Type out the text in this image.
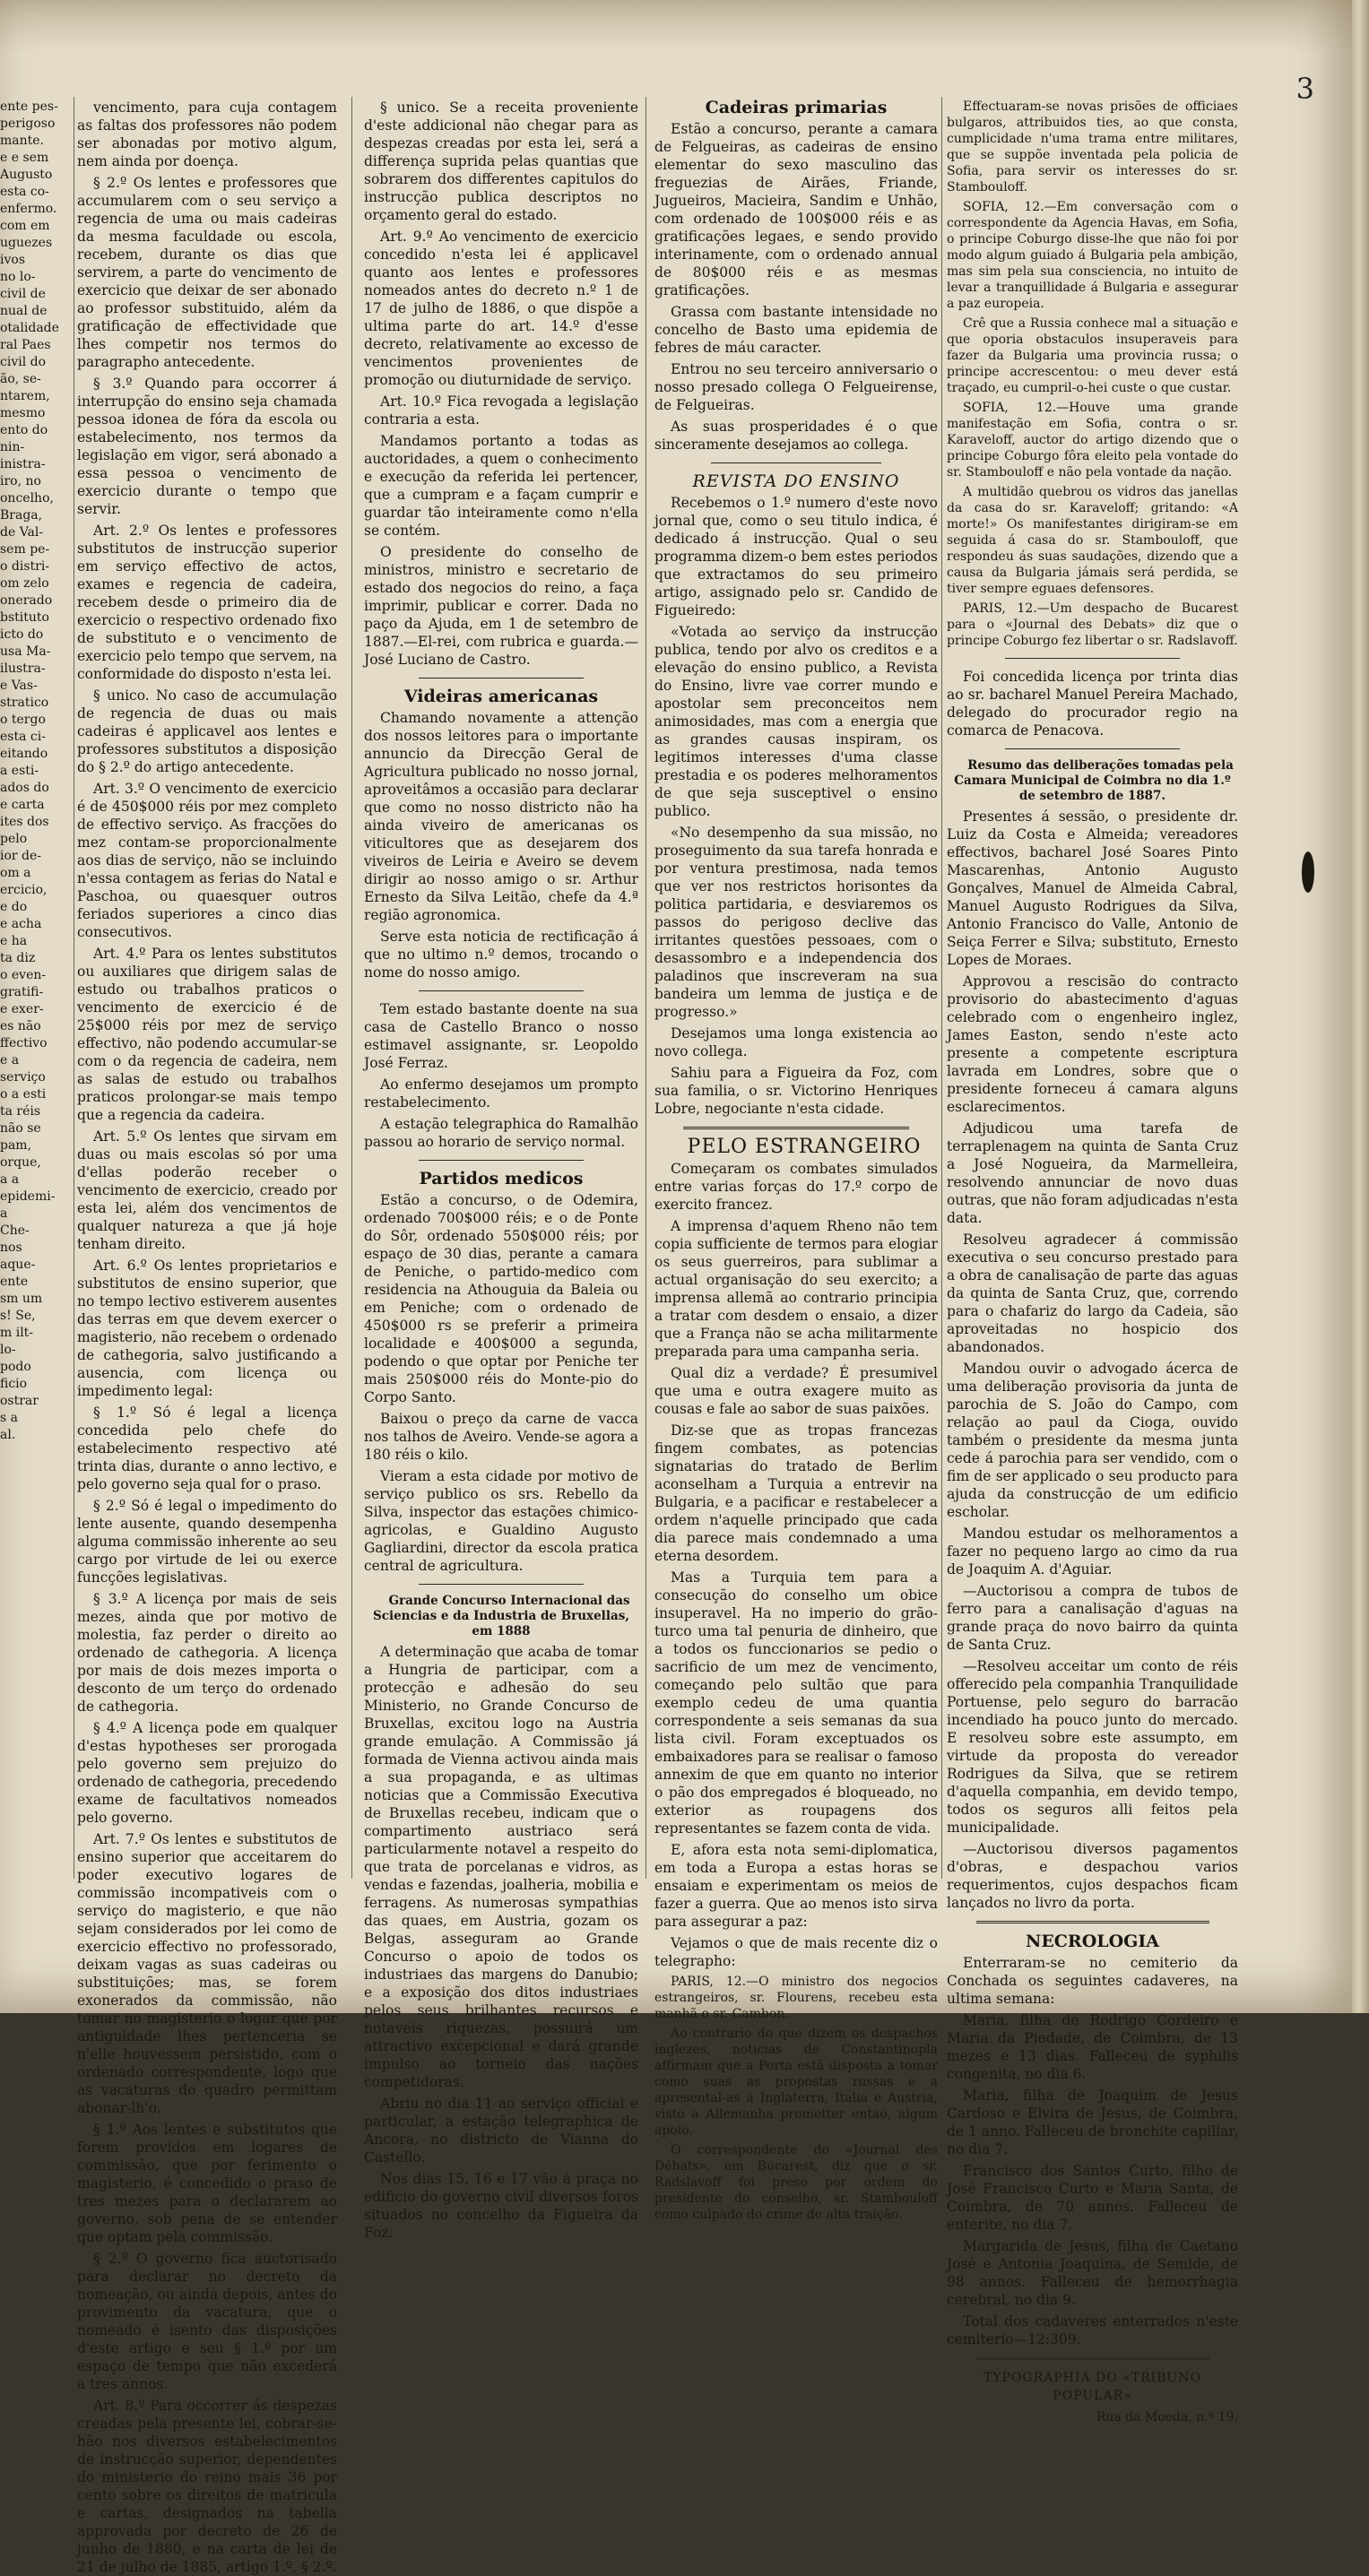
3

ente pes-

perigoso

mante.

e e sem

Augusto

esta co-

enfermo.

com em

uguezes

ivos

no lo-

civil de

nual de

otalidade

ral Paes

civil do

ão, se-

ntarem,

mesmo

ento do

nin-

inistra-

iro, no

oncelho,

Braga,

de Val-

sem pe-

o distri-

om zelo

onerado

bstituto

icto do

usa Ma-

ilustra-

e Vas-

stratico

o tergo

esta ci-

eitando

a esti-

ados do

e carta

ites dos

pelo

ior de-

om a

ercicio,

e do

e acha

e ha

ta diz

o even-

gratifi-

e exer-

es não

ffectivo

e a

serviço

o a esti

ta réis

não se

pam,

orque,

a a

epidemi-

a

Che-

nos

aque-

ente

sm um

s! Se,

m ilt-

lo-

podo

ficio

ostrar

s a

al.

vencimento, para cuja contagem as faltas dos professores não podem ser abonadas por motivo algum, nem ainda por doença.

§ 2.º Os lentes e professores que accumularem com o seu serviço a regencia de uma ou mais cadeiras da mesma faculdade ou escola, recebem, durante os dias que servirem, a parte do vencimento de exercicio que deixar de ser abonado ao professor substituido, além da gratificação de effectividade que lhes competir nos termos do paragrapho antecedente.

§ 3.º Quando para occorrer á interrupção do ensino seja chamada pessoa idonea de fóra da escola ou estabelecimento, nos termos da legislação em vigor, será abonado a essa pessoa o vencimento de exercicio durante o tempo que servir.

Art. 2.º Os lentes e professores substitutos de instrucção superior em serviço effectivo de actos, exames e regencia de cadeira, recebem desde o primeiro dia de exercicio o respectivo ordenado fixo de substituto e o vencimento de exercicio pelo tempo que servem, na conformidade do disposto n'esta lei.

§ unico. No caso de accumulação de regencia de duas ou mais cadeiras é applicavel aos lentes e professores substitutos a disposição do § 2.º do artigo antecedente.

Art. 3.º O vencimento de exercicio é de 450$000 réis por mez completo de effectivo serviço. As fracções do mez contam-se proporcionalmente aos dias de serviço, não se incluindo n'essa contagem as ferias do Natal e Paschoa, ou quaesquer outros feriados superiores a cinco dias consecutivos.

Art. 4.º Para os lentes substitutos ou auxiliares que dirigem salas de estudo ou trabalhos praticos o vencimento de exercicio é de 25$000 réis por mez de serviço effectivo, não podendo accumular-se com o da regencia de cadeira, nem as salas de estudo ou trabalhos praticos prolongar-se mais tempo que a regencia da cadeira.

Art. 5.º Os lentes que sirvam em duas ou mais escolas só por uma d'ellas poderão receber o vencimento de exercicio, creado por esta lei, além dos vencimentos de qualquer natureza a que já hoje tenham direito.

Art. 6.º Os lentes proprietarios e substitutos de ensino superior, que no tempo lectivo estiverem ausentes das terras em que devem exercer o magisterio, não recebem o ordenado de cathegoria, salvo justificando a ausencia, com licença ou impedimento legal:

§ 1.º Só é legal a licença concedida pelo chefe do estabelecimento respectivo até trinta dias, durante o anno lectivo, e pelo governo seja qual for o praso.

§ 2.º Só é legal o impedimento do lente ausente, quando desempenha alguma commissão inherente ao seu cargo por virtude de lei ou exerce funcções legislativas.

§ 3.º A licença por mais de seis mezes, ainda que por motivo de molestia, faz perder o direito ao ordenado de cathegoria. A licença por mais de dois mezes importa o desconto de um terço do ordenado de cathegoria.

§ 4.º A licença pode em qualquer d'estas hypotheses ser prorogada pelo governo sem prejuizo do ordenado de cathegoria, precedendo exame de facultativos nomeados pelo governo.

Art. 7.º Os lentes e substitutos de ensino superior que acceitarem do poder executivo logares de commissão incompativeis com o serviço do magisterio, e que não sejam considerados por lei como de exercicio effectivo no professorado, deixam vagas as suas cadeiras ou substituições; mas, se forem exonerados da commissão, não tomar no magisterio o logar que por antiguidade lhes pertenceria se n'elle houvessem persistido, com o ordenado correspondente, logo que as vacaturas do quadro permittam abonar-lh'o.

§ 1.º Aos lentes e substitutos que forem providos em logares de commissão, que por ferimento o magisterio, é concedido o praso de tres mezes para o declararem ao governo, sob pena de se entender que optam pela commissão.

§ 2.º O governo fica auctorisado para declarar no decreto da nomeação, ou ainda depois, antes do provimento da vacatura, que o nomeado é isento das disposições d'este artigo e seu § 1.º por um espaço de tempo que não excederá a tres annos.

Art. 8.º Para occorrer ás despezas creadas pela presente lei, cobrar-se-hão nos diversos estabelecimentos de instrucção superior, dependentes do ministerio do reino mais 36 por cento sobre os direitos de matricula e cartas, designados na tabella approvada por decreto de 26 de junho de 1880, e na carta de lei de 21 de julho de 1885, artigo 1.º, § 2.º.

§ unico. Se a receita proveniente d'este addicional não chegar para as despezas creadas por esta lei, será a differença suprida pelas quantias que sobrarem dos differentes capitulos do instrucção publica descriptos no orçamento geral do estado.

Art. 9.º Ao vencimento de exercicio concedido n'esta lei é applicavel quanto aos lentes e professores nomeados antes do decreto n.º 1 de 17 de julho de 1886, o que dispõe a ultima parte do art. 14.º d'esse decreto, relativamente ao excesso de vencimentos provenientes de promoção ou diuturnidade de serviço.

Art. 10.º Fica revogada a legislação contraria a esta.

Mandamos portanto a todas as auctoridades, a quem o conhecimento e execução da referida lei pertencer, que a cumpram e a façam cumprir e guardar tão inteiramente como n'ella se contém.

O presidente do conselho de ministros, ministro e secretario de estado dos negocios do reino, a faça imprimir, publicar e correr. Dada no paço da Ajuda, em 1 de setembro de 1887.—El-rei, com rubrica e guarda.—José Luciano de Castro.

Videiras americanas

Chamando novamente a attenção dos nossos leitores para o importante annuncio da Direcção Geral de Agricultura publicado no nosso jornal, aproveitâmos a occasião para declarar que como no nosso districto não ha ainda viveiro de americanas os viticultores que as desejarem dos viveiros de Leiria e Aveiro se devem dirigir ao nosso amigo o sr. Arthur Ernesto da Silva Leitão, chefe da 4.ª região agronomica.

Serve esta noticia de rectificação á que no ultimo n.º demos, trocando o nome do nosso amigo.

Tem estado bastante doente na sua casa de Castello Branco o nosso estimavel assignante, sr. Leopoldo José Ferraz.

Ao enfermo desejamos um prompto restabelecimento.

A estação telegraphica do Ramalhão passou ao horario de serviço normal.

Partidos medicos

Estão a concurso, o de Odemira, ordenado 700$000 réis; e o de Ponte do Sôr, ordenado 550$000 réis; por espaço de 30 dias, perante a camara de Peniche, o partido-medico com residencia na Athouguia da Baleia ou em Peniche; com o ordenado de 450$000 rs se preferir a primeira localidade e 400$000 a segunda, podendo o que optar por Peniche ter mais 250$000 réis do Monte-pio do Corpo Santo.

Baixou o preço da carne de vacca nos talhos de Aveiro. Vende-se agora a 180 réis o kilo.

Vieram a esta cidade por motivo de serviço publico os srs. Rebello da Silva, inspector das estações chimico-agricolas, e Gualdino Augusto Gagliardini, director da escola pratica central de agricultura.

Grande Concurso Internacional das Sciencias e da Industria de Bruxellas, em 1888

A determinação que acaba de tomar a Hungria de participar, com a protecção e adhesão do seu Ministerio, no Grande Concurso de Bruxellas, excitou logo na Austria grande emulação. A Commissão já formada de Vienna activou ainda mais a sua propaganda, e as ultimas noticias que a Commissão Executiva de Bruxellas recebeu, indicam que o compartimento austriaco será particularmente notavel a respeito do que trata de porcelanas e vidros, as vendas e fazendas, joalheria, mobilia e ferragens. As numerosas sympathias das quaes, em Austria, gozam os Belgas, asseguram ao Grande Concurso o apoio de todos os industriaes das margens do Danubio; e a exposição dos ditos industriaes pelos seus brilhantes recursos e notaveis riquezas, possuirá um attractivo excepcional e dará grande impulso ao torneio das nações competidoras.

Abriu no dia 11 ao serviço official e particular, a estação telegraphica de Ancora, no districto de Vianna do Castello.

Nos dias 15, 16 e 17 vão á praça no edificio do governo civil diversos foros situados no concelho da Figueira da Foz.

Cadeiras primarias

Estão a concurso, perante a camara de Felgueiras, as cadeiras de ensino elementar do sexo masculino das freguezias de Airães, Friande, Jugueiros, Macieira, Sandim e Unhão, com ordenado de 100$000 réis e as gratificações legaes, e sendo provido interinamente, com o ordenado annual de 80$000 réis e as mesmas gratificações.

Grassa com bastante intensidade no concelho de Basto uma epidemia de febres de máu caracter.

Entrou no seu terceiro anniversario o nosso presado collega O Felgueirense, de Felgueiras.

As suas prosperidades é o que sinceramente desejamos ao collega.

REVISTA DO ENSINO

Recebemos o 1.º numero d'este novo jornal que, como o seu titulo indica, é dedicado á instrucção. Qual o seu programma dizem-o bem estes periodos que extractamos do seu primeiro artigo, assignado pelo sr. Candido de Figueiredo:

«Votada ao serviço da instrucção publica, tendo por alvo os creditos e a elevação do ensino publico, a Revista do Ensino, livre vae correr mundo e apostolar sem preconceitos nem animosidades, mas com a energia que as grandes causas inspiram, os legitimos interesses d'uma classe prestadia e os poderes melhoramentos de que seja susceptivel o ensino publico.

«No desempenho da sua missão, no proseguimento da sua tarefa honrada e por ventura prestimosa, nada temos que ver nos restrictos horisontes da politica partidaria, e desviaremos os passos do perigoso declive das irritantes questões pessoaes, com o desassombro e a independencia dos paladinos que inscreveram na sua bandeira um lemma de justiça e de progresso.»

Desejamos uma longa existencia ao novo collega.

Sahiu para a Figueira da Foz, com sua familia, o sr. Victorino Henriques Lobre, negociante n'esta cidade.

PELO ESTRANGEIRO

Começaram os combates simulados entre varias forças do 17.º corpo de exercito francez.

A imprensa d'aquem Rheno não tem copia sufficiente de termos para elogiar os seus guerreiros, para sublimar a actual organisação do seu exercito; a imprensa allemã ao contrario principia a tratar com desdem o ensaio, a dizer que a França não se acha militarmente preparada para uma campanha seria.

Qual diz a verdade? É presumivel que uma e outra exagere muito as cousas e fale ao sabor de suas paixões.

Diz-se que as tropas francezas fingem combates, as potencias signatarias do tratado de Berlim aconselham a Turquia a entrevir na Bulgaria, e a pacificar e restabelecer a ordem n'aquelle principado que cada dia parece mais condemnado a uma eterna desordem.

Mas a Turquia tem para a consecução do conselho um obice insuperavel. Ha no imperio do grão-turco uma tal penuria de dinheiro, que a todos os funccionarios se pedio o sacrificio de um mez de vencimento, começando pelo sultão que para exemplo cedeu de uma quantia correspondente a seis semanas da sua lista civil. Foram exceptuados os embaixadores para se realisar o famoso annexim de que em quanto no interior o pão dos empregados é bloqueado, no exterior as roupagens dos representantes se fazem conta de vida.

E, afora esta nota semi-diplomatica, em toda a Europa a estas horas se ensaiam e experimentam os meios de fazer a guerra. Que ao menos isto sirva para assegurar a paz:

Vejamos o que de mais recente diz o telegrapho:

PARIS, 12.—O ministro dos negocios estrangeiros, sr. Flourens, recebeu esta manhã o sr. Cambon.

Ao contrario do que dizem os despachos inglezes, noticias de Constantinopla affirmam que a Porta está disposta a tomar como suas as propostas russas e a apresental-as á Inglaterra, Italia e Austria, visto a Allemanha prometter entao, algum apoio.

O correspondente do «Journal des Débats», em Bucarest, diz que o sr. Radslavoff foi preso por ordem do presidente do conselho, sr. Stambouloff como culpado do crime de alta traição.

Effectuaram-se novas prisões de officiaes bulgaros, attribuidos ties, ao que consta, cumplicidade n'uma trama entre militares, que se suppõe inventada pela policia de Sofia, para servir os interesses do sr. Stambouloff.

SOFIA, 12.—Em conversação com o correspondente da Agencia Havas, em Sofia, o principe Coburgo disse-lhe que não foi por modo algum guiado á Bulgaria pela ambição, mas sim pela sua consciencia, no intuito de levar a tranquillidade á Bulgaria e assegurar a paz europeia.

Crê que a Russia conhece mal a situação e que oporia obstaculos insuperaveis para fazer da Bulgaria uma provincia russa; o principe accrescentou: o meu dever está traçado, eu cumpril-o-hei custe o que custar.

SOFIA, 12.—Houve uma grande manifestação em Sofia, contra o sr. Karaveloff, auctor do artigo dizendo que o principe Coburgo fôra eleito pela vontade do sr. Stambouloff e não pela vontade da nação.

A multidão quebrou os vidros das janellas da casa do sr. Karaveloff; gritando: «A morte!» Os manifestantes dirigiram-se em seguida á casa do sr. Stambouloff, que respondeu ás suas saudações, dizendo que a causa da Bulgaria jámais será perdida, se tiver sempre eguaes defensores.

PARIS, 12.—Um despacho de Bucarest para o «Journal des Debats» diz que o principe Coburgo fez libertar o sr. Radslavoff.

Foi concedida licença por trinta dias ao sr. bacharel Manuel Pereira Machado, delegado do procurador regio na comarca de Penacova.

Resumo das deliberações tomadas pela Camara Municipal de Coimbra no dia 1.º de setembro de 1887.

Presentes á sessão, o presidente dr. Luiz da Costa e Almeida; vereadores effectivos, bacharel José Soares Pinto Mascarenhas, Antonio Augusto Gonçalves, Manuel de Almeida Cabral, Manuel Augusto Rodrigues da Silva, Antonio Francisco do Valle, Antonio de Seiça Ferrer e Silva; substituto, Ernesto Lopes de Moraes.

Approvou a rescisão do contracto provisorio do abastecimento d'aguas celebrado com o engenheiro inglez, James Easton, sendo n'este acto presente a competente escriptura lavrada em Londres, sobre que o presidente forneceu á camara alguns esclarecimentos.

Adjudicou uma tarefa de terraplenagem na quinta de Santa Cruz a José Nogueira, da Marmelleira, resolvendo annunciar de novo duas outras, que não foram adjudicadas n'esta data.

Resolveu agradecer á commissão executiva o seu concurso prestado para a obra de canalisação de parte das aguas da quinta de Santa Cruz, que, correndo para o chafariz do largo da Cadeia, são aproveitadas no hospicio dos abandonados.

Mandou ouvir o advogado ácerca de uma deliberação provisoria da junta de parochia de S. João do Campo, com relação ao paul da Cioga, ouvido também o presidente da mesma junta cede á parochia para ser vendido, com o fim de ser applicado o seu producto para ajuda da construcção de um edificio escholar.

Mandou estudar os melhoramentos a fazer no pequeno largo ao cimo da rua de Joaquim A. d'Aguiar.

—Auctorisou a compra de tubos de ferro para a canalisação d'aguas na grande praça do novo bairro da quinta de Santa Cruz.

—Resolveu acceitar um conto de réis offerecido pela companhia Tranquilidade Portuense, pelo seguro do barracão incendiado ha pouco junto do mercado. E resolveu sobre este assumpto, em virtude da proposta do vereador Rodrigues da Silva, que se retirem d'aquella companhia, em devido tempo, todos os seguros alli feitos pela municipalidade.

—Auctorisou diversos pagamentos d'obras, e despachou varios requerimentos, cujos despachos ficam lançados no livro da porta.

NECROLOGIA

Enterraram-se no cemiterio da Conchada os seguintes cadaveres, na ultima semana:

Maria, filha de Rodrigo Cordeiro e Maria da Piedade, de Coimbra, de 13 mezes e 13 dias. Falleceu de syphilis congenita, no dia 6.

Maria, filha de Joaquim de Jesus Cardoso e Elvira de Jesus, de Coimbra, de 1 anno. Falleceu de bronchite capillar, no dia 7.

Francisco dos Santos Curto, filho de José Francisco Curto e Maria Santa, de Coimbra, de 70 annos. Falleceu de enterite, no dia 7.

Margarida de Jesus, filha de Caetano José e Antonia Joaquina, de Semide, de 98 annos. Falleceu de hemorrhagia cerebral, no dia 9.

Total dos cadaveres enterrados n'este cemiterio—12:309.

TYPOGRAPHIA DO «TRIBUNO POPULAR»

Rua da Moeda, n.º 19.
